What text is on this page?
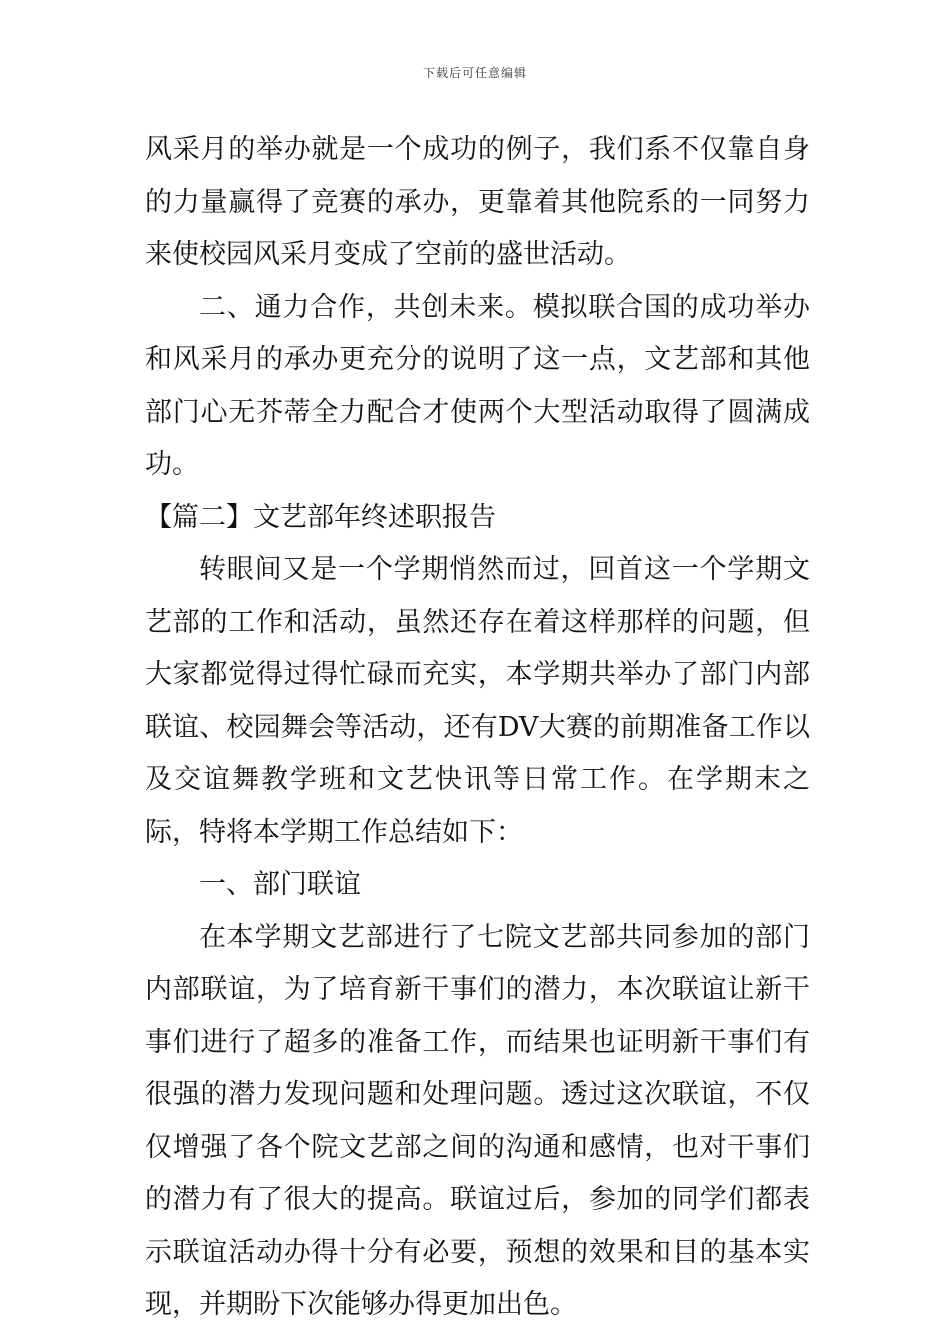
下载后可任意编辑

风采月的举办就是一个成功的例子，我们系不仅靠自身的力量赢得了竞赛的承办，更靠着其他院系的一同努力来使校园风采月变成了空前的盛世活动。

二、通力合作，共创未来。模拟联合国的成功举办和风采月的承办更充分的说明了这一点，文艺部和其他部门心无芥蒂全力配合才使两个大型活动取得了圆满成功。

【篇二】文艺部年终述职报告

转眼间又是一个学期悄然而过，回首这一个学期文艺部的工作和活动，虽然还存在着这样那样的问题，但大家都觉得过得忙碌而充实，本学期共举办了部门内部联谊、校园舞会等活动，还有DV大赛的前期准备工作以及交谊舞教学班和文艺快讯等日常工作。在学期末之际，特将本学期工作总结如下：

一、部门联谊

在本学期文艺部进行了七院文艺部共同参加的部门内部联谊，为了培育新干事们的潜力，本次联谊让新干事们进行了超多的准备工作，而结果也证明新干事们有很强的潜力发现问题和处理问题。透过这次联谊，不仅仅增强了各个院文艺部之间的沟通和感情，也对干事们的潜力有了很大的提高。联谊过后，参加的同学们都表示联谊活动办得十分有必要，预想的效果和目的基本实现，并期盼下次能够办得更加出色。
